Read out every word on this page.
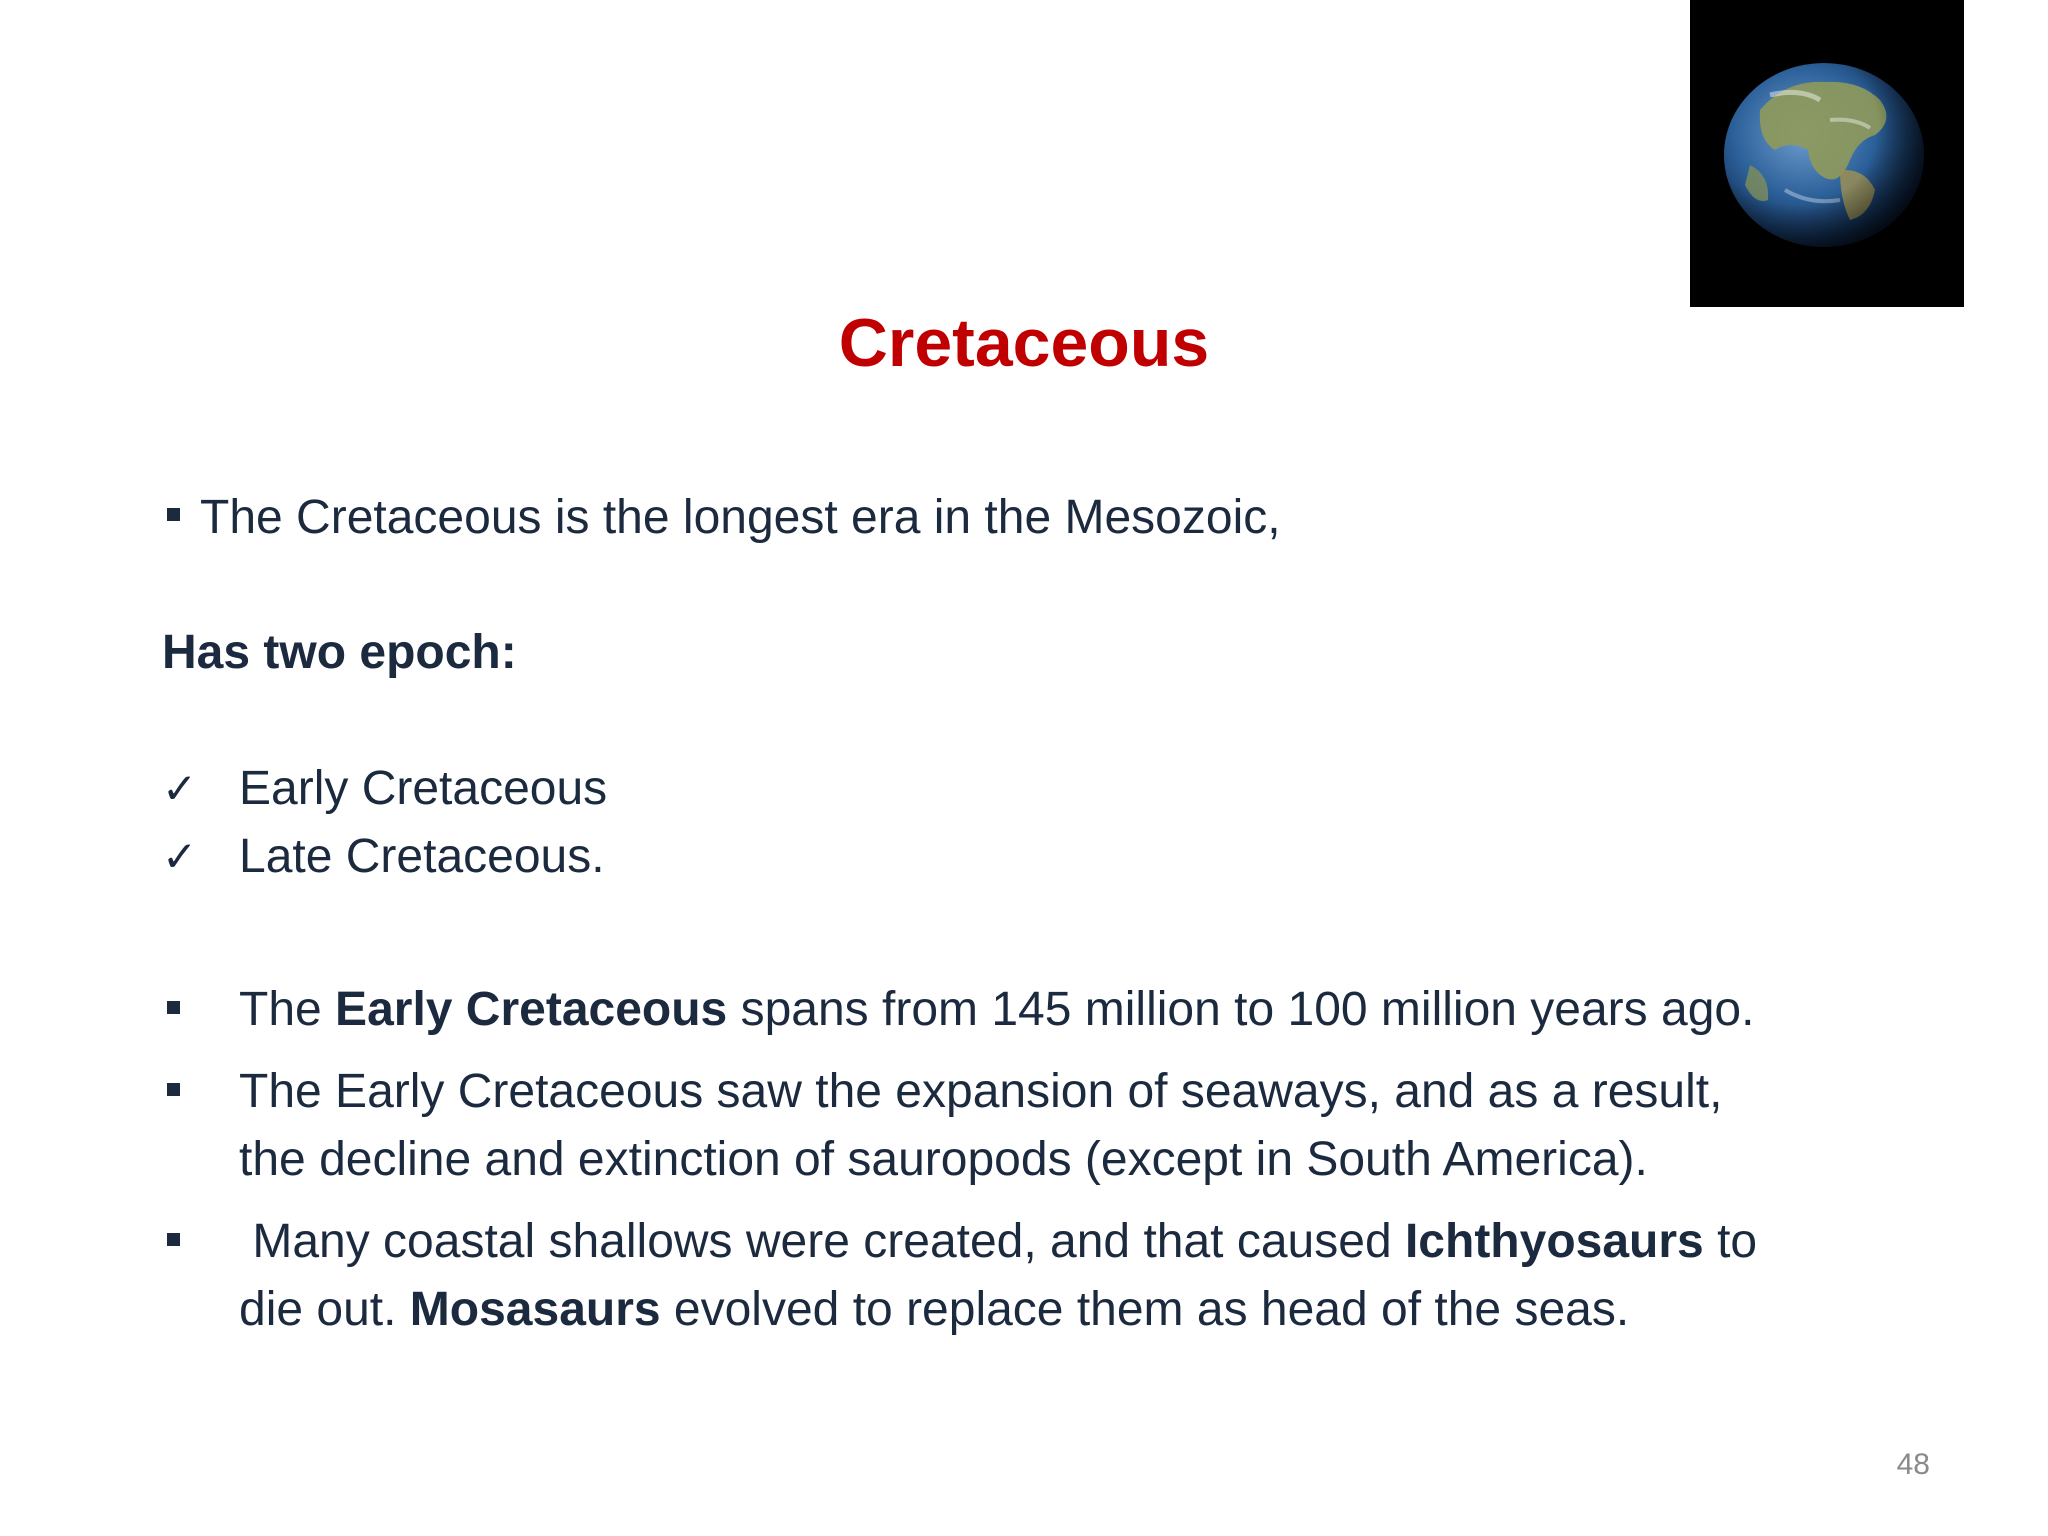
Cretaceous
The Cretaceous is the longest era in the Mesozoic,
Has two epoch:
✓ Early Cretaceous
✓ Late Cretaceous.
The Early Cretaceous spans from 145 million to 100 million years ago.
The Early Cretaceous saw the expansion of seaways, and as a result,
the decline and extinction of sauropods (except in South America).
Many coastal shallows were created, and that caused Ichthyosaurs to
die out. Mosasaurs evolved to replace them as head of the seas.
48
